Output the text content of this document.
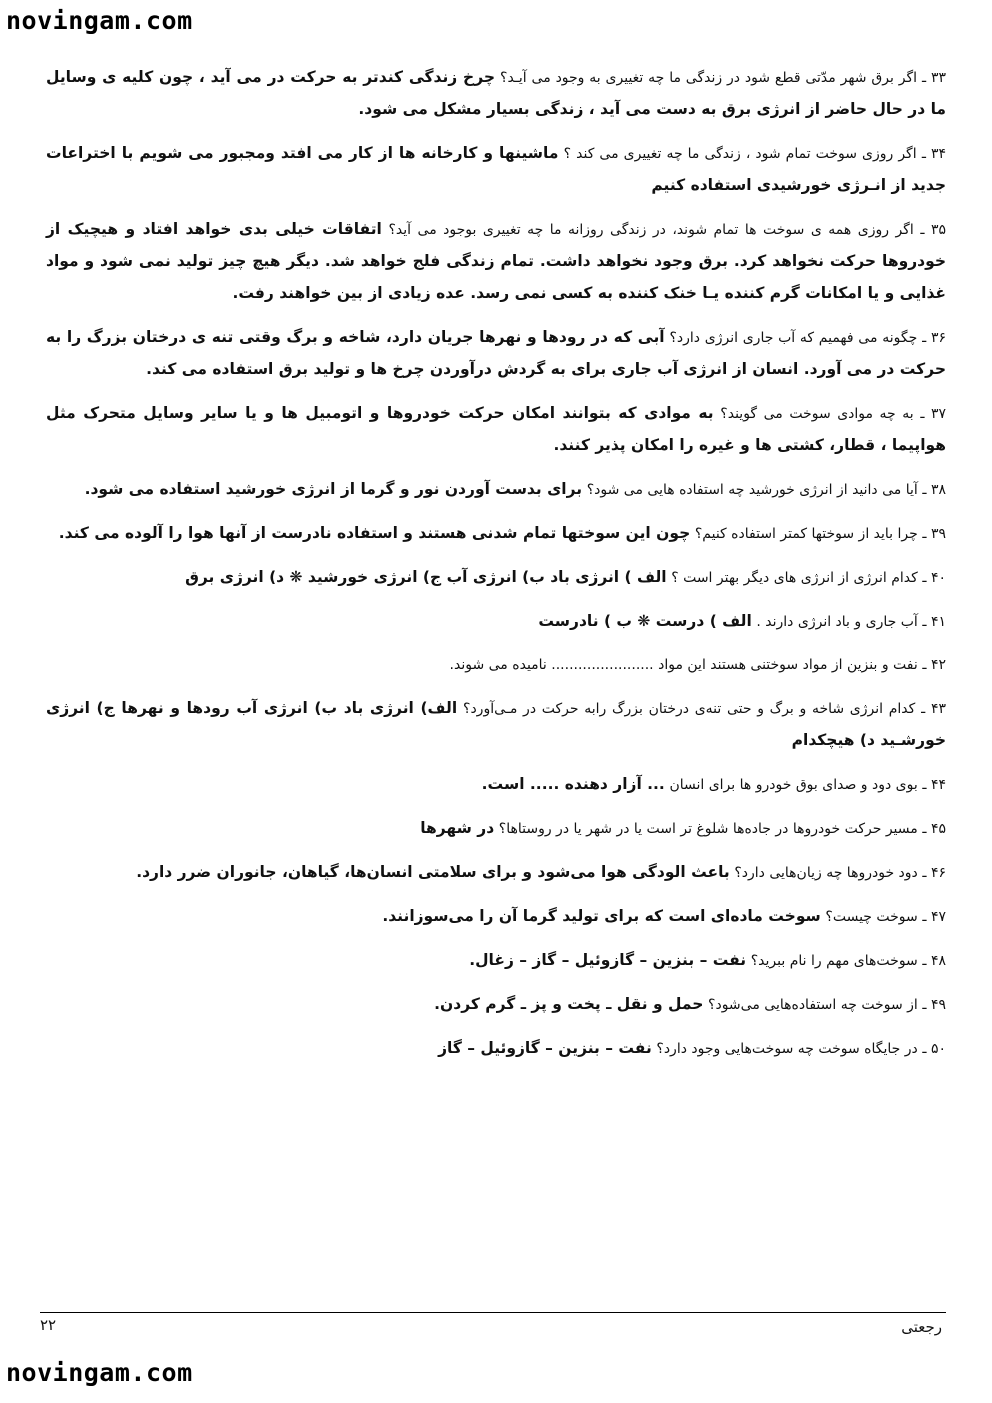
novingam.com

۳۳ ـ اگر برق شهر مدّتی قطع شود در زندگی ما چه تغییری به وجود می آیـد؟ چرخ زندگی کندتر به حرکت در می آید ، چون کلیه ی وسایل ما در حال حاضر از انرژی برق به دست می آید ، زندگی بسیار مشکل می شود.

۳۴ ـ اگر روزی سوخت تمام شود ، زندگی ما چه تغییری می کند ؟ ماشینها و کارخانه ها از کار می افتد ومجبور می شویم با اختراعات جدید از انـرژی خورشیدی استفاده کنیم

۳۵ ـ اگر روزی همه ی سوخت ها تمام شوند، در زندگی روزانه ما چه تغییری بوجود می آید؟ اتفاقات خیلی بدی خواهد افتاد و هیچیک از خودروها حرکت نخواهد کرد. برق وجود نخواهد داشت. تمام زندگی فلج خواهد شد. دیگر هیچ چیز تولید نمی شود و مواد غذایی و یا امکانات گرم کننده یـا خنک کننده به کسی نمی رسد. عده زیادی از بین خواهند رفت.

۳۶ ـ چگونه می فهمیم که آب جاری انرژی دارد؟ آبی که در رودها و نهرها جریان دارد، شاخه و برگ وقتی تنه ی درختان بزرگ را به حرکت در می آورد. انسان از انرژی آب جاری برای به گردش درآوردن چرخ ها و تولید برق استفاده می کند.

۳۷ ـ به چه موادی سوخت می گویند؟ به موادی که بتوانند امکان حرکت خودروها و اتومبیل ها و یا سایر وسایل متحرک مثل هواپیما ، قطار، کشتی ها و غیره را امکان پذیر کنند.

۳۸ ـ آیا می دانید از انرژی خورشید چه استفاده هایی می شود؟ برای بدست آوردن نور و گرما از انرژی خورشید استفاده می شود.

۳۹ ـ چرا باید از سوختها کمتر استفاده کنیم؟ چون این سوختها تمام شدنی هستند و استفاده نادرست از آنها هوا را آلوده می کند.

۴۰ ـ کدام انرژی از انرژی های دیگر بهتر است ؟ الف ) انرژی باد ب) انرژی آب ج) انرژی خورشید ❋ د) انرژی برق

۴۱ ـ آب جاری و باد انرژی دارند . الف ) درست ❋ ب ) نادرست

۴۲ ـ نفت و بنزین از مواد سوختنی هستند این مواد ....................... نامیده می شوند.

۴۳ ـ کدام انرژی شاخه و برگ و حتی تنه‌ی درختان بزرگ رابه حرکت در مـی‌آورد؟ الف) انرژی باد ب) انرژی آب رودها و نهرها ج) انرژی خورشـید د) هیچکدام

۴۴ ـ بوی دود و صدای بوق خودرو ها برای انسان ... آزار دهنده ..... است.

۴۵ ـ مسیر حرکت خودروها در جاده‌ها شلوغ تر است یا در شهر یا در روستاها؟ در شهرها

۴۶ ـ دود خودروها چه زیان‌هایی دارد؟ باعث الودگی هوا می‌شود و برای سلامتی انسان‌ها، گیاهان، جانوران ضرر دارد.

۴۷ ـ سوخت چیست؟ سوخت ماده‌ای است که برای تولید گرما آن را می‌سوزانند.

۴۸ ـ سوخت‌های مهم را نام ببرید؟ نفت – بنزین – گازوئیل – گاز – زغال.

۴۹ ـ از سوخت چه استفاده‌هایی می‌شود؟ حمل و نقل ـ پخت و پز ـ گرم کردن.

۵۰ ـ در جایگاه سوخت چه سوخت‌هایی وجود دارد؟ نفت – بنزین – گازوئیل – گاز

۲۲	رجعتی
novingam.com
